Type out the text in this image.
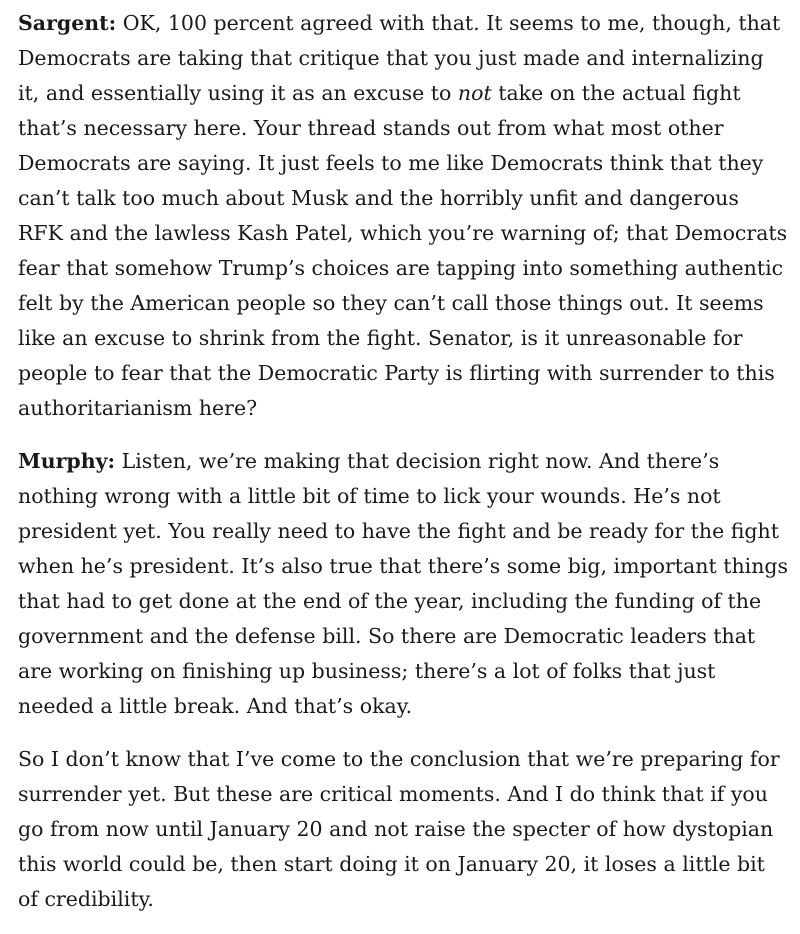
Sargent: OK, 100 percent agreed with that. It seems to me, though, that Democrats are taking that critique that you just made and internalizing it, and essentially using it as an excuse to not take on the actual fight that’s necessary here. Your thread stands out from what most other Democrats are saying. It just feels to me like Democrats think that they can’t talk too much about Musk and the horribly unfit and dangerous RFK and the lawless Kash Patel, which you’re warning of; that Democrats fear that somehow Trump’s choices are tapping into something authentic felt by the American people so they can’t call those things out. It seems like an excuse to shrink from the fight. Senator, is it unreasonable for people to fear that the Democratic Party is flirting with surrender to this authoritarianism here?

Murphy: Listen, we’re making that decision right now. And there’s nothing wrong with a little bit of time to lick your wounds. He’s not president yet. You really need to have the fight and be ready for the fight when he’s president. It’s also true that there’s some big, important things that had to get done at the end of the year, including the funding of the government and the defense bill. So there are Democratic leaders that are working on finishing up business; there’s a lot of folks that just needed a little break. And that’s okay.

So I don’t know that I’ve come to the conclusion that we’re preparing for surrender yet. But these are critical moments. And I do think that if you go from now until January 20 and not raise the specter of how dystopian this world could be, then start doing it on January 20, it loses a little bit of credibility.
